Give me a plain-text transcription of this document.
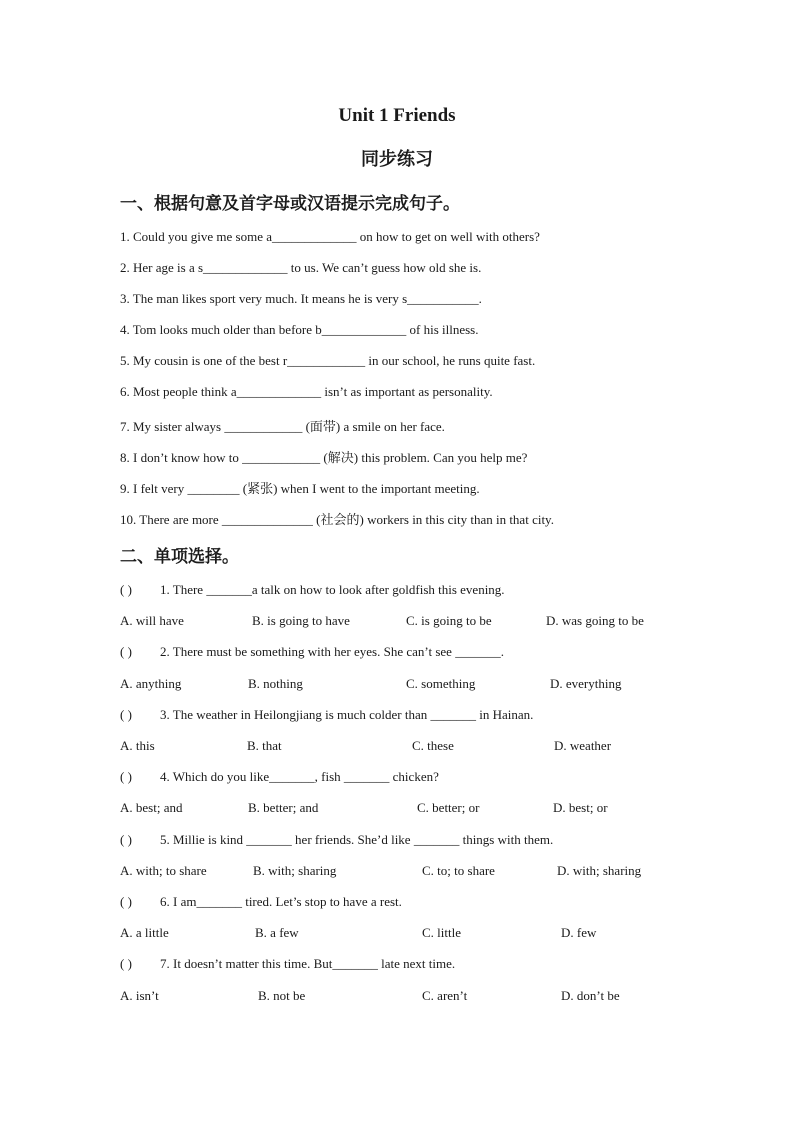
Unit 1 Friends
同步练习
一、根据句意及首字母或汉语提示完成句子。

1. Could you give me some a_____________ on how to get on well with others?

2. Her age is a s_____________ to us. We can’t guess how old she is.

3. The man likes sport very much. It means he is very s___________.

4. Tom looks much older than before b_____________ of his illness.

5. My cousin is one of the best r____________ in our school, he runs quite fast.

6. Most people think a_____________ isn’t as important as personality.

7. My sister always ____________ (面带) a smile on her face.

8. I don’t know how to ____________ (解决) this problem. Can you help me?

9. I felt very ________ (紧张) when I went to the important meeting.

10. There are more ______________ (社会的) workers in this city than in that city.

二、单项选择。

( ) 1. There _______a talk on how to look after goldfish this evening.

A. will have	B. is going to have	C. is going to be	D. was going to be

( ) 2. There must be something with her eyes. She can’t see _______.

A. anything	B. nothing	C. something	D. everything

( ) 3. The weather in Heilongjiang is much colder than _______ in Hainan.

A. this	B. that	C. these	D. weather

( ) 4. Which do you like_______, fish _______ chicken?

A. best; and	B. better; and	C. better; or	D. best; or

( ) 5. Millie is kind _______ her friends. She’d like _______ things with them.

A. with; to share	B. with; sharing	C. to; to share	D. with; sharing

( ) 6. I am_______ tired. Let’s stop to have a rest.

A. a little	B. a few	C. little	D. few

( ) 7. It doesn’t matter this time. But_______ late next time.

A. isn’t	B. not be	C. aren’t	D. don’t be
